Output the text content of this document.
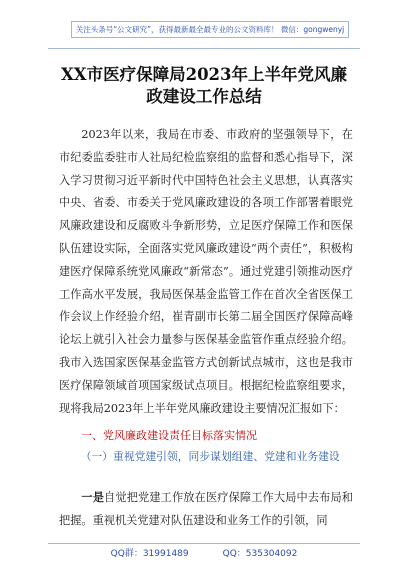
关注头条号“公文研究”，获得最新最全最专业的公文资料库！ 微信：gongwenyj
XX市医疗保障局2023年上半年党风廉
政建设工作总结
2023年以来，我局在市委、市政府的坚强领导下，在市纪委监委驻市人社局纪检监察组的监督和悉心指导下，深入学习贯彻习近平新时代中国特色社会主义思想，认真落实中央、省委、市委关于党风廉政建设的各项工作部署着眼党风廉政建设和反腐败斗争新形势，立足医疗保障工作和医保队伍建设实际，全面落实党风廉政建设“两个责任”，积极构建医疗保障系统党风廉政“新常态”。通过党建引领推动医疗工作高水平发展，我局医保基金监管工作在首次全省医保工作会议上作经验介绍，崔青副市长第二届全国医疗保障高峰论坛上就引入社会力量参与医保基金监管作重点经验介绍。我市入选国家医保基金监管方式创新试点城市，这也是我市医疗保障领域首项国家级试点项目。根据纪检监察组要求，现将我局2023年上半年党风廉政建设主要情况汇报如下：
一、党风廉政建设责任目标落实情况
（一）重视党建引领，同步谋划组建、党建和业务建设
一是自觉把党建工作放在医疗保障工作大局中去布局和把握。重视机关党建对队伍建设和业务工作的引领，同
QQ群：31991489	QQ：535304092
